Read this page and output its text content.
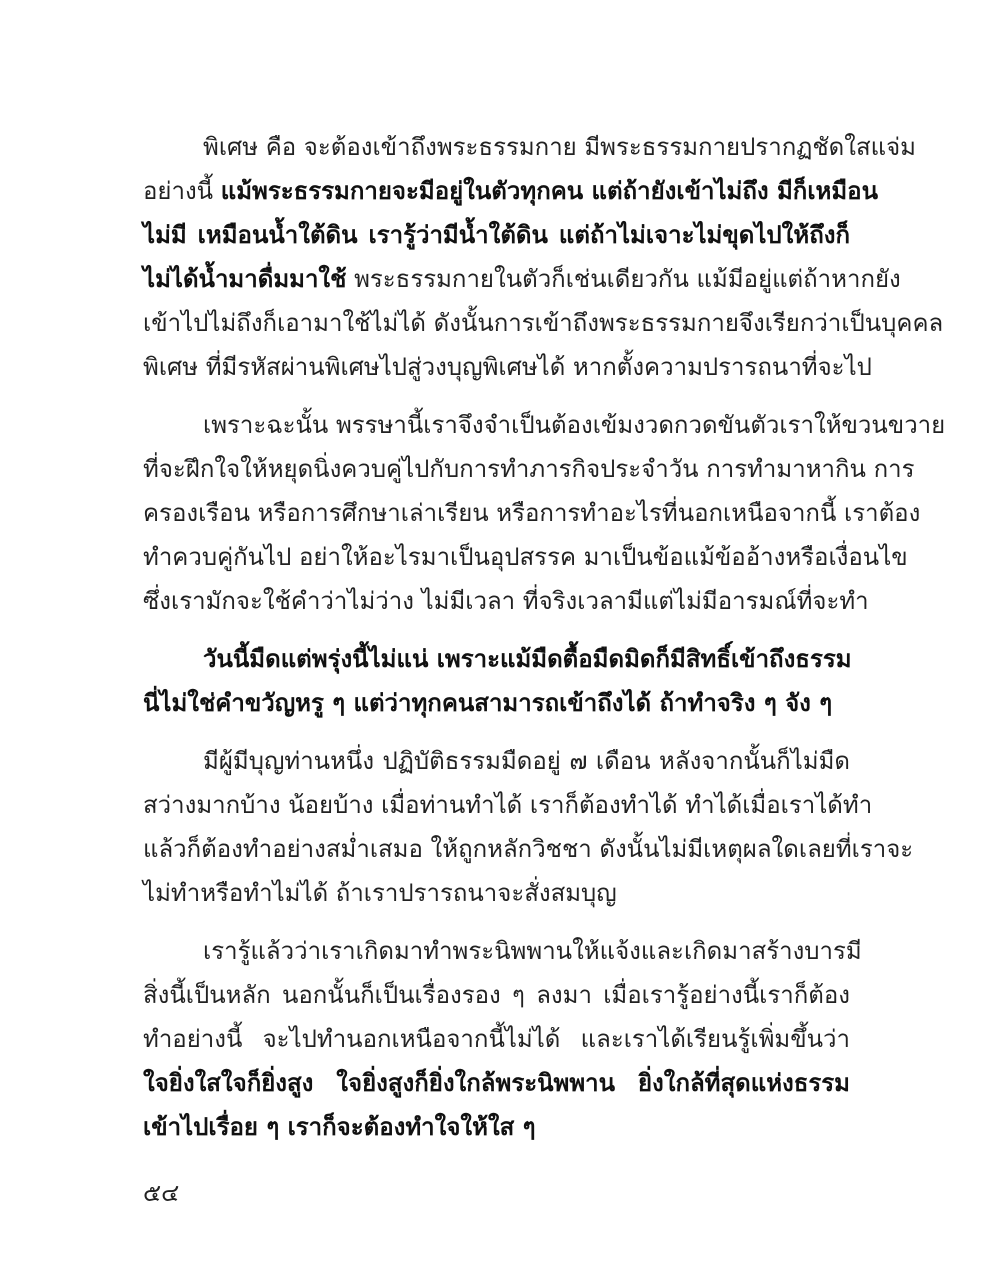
พิเศษ คือ จะต้องเข้าถึงพระธรรมกาย มีพระธรรมกายปรากฏชัดใสแจ่ม
อย่างนี้ แม้พระธรรมกายจะมีอยู่ในตัวทุกคน แต่ถ้ายังเข้าไม่ถึง มีก็เหมือน
ไม่มี เหมือนน้ำใต้ดิน เรารู้ว่ามีน้ำใต้ดิน แต่ถ้าไม่เจาะไม่ขุดไปให้ถึงก็
ไม่ได้น้ำมาดื่มมาใช้ พระธรรมกายในตัวก็เช่นเดียวกัน แม้มีอยู่แต่ถ้าหากยัง
เข้าไปไม่ถึงก็เอามาใช้ไม่ได้ ดังนั้นการเข้าถึงพระธรรมกายจึงเรียกว่าเป็นบุคคล
พิเศษ ที่มีรหัสผ่านพิเศษไปสู่วงบุญพิเศษได้ หากตั้งความปรารถนาที่จะไป
เพราะฉะนั้น พรรษานี้เราจึงจำเป็นต้องเข้มงวดกวดขันตัวเราให้ขวนขวาย
ที่จะฝึกใจให้หยุดนิ่งควบคู่ไปกับการทำภารกิจประจำวัน การทำมาหากิน การ
ครองเรือน หรือการศึกษาเล่าเรียน หรือการทำอะไรที่นอกเหนือจากนี้ เราต้อง
ทำควบคู่กันไป อย่าให้อะไรมาเป็นอุปสรรค มาเป็นข้อแม้ข้ออ้างหรือเงื่อนไข
ซึ่งเรามักจะใช้คำว่าไม่ว่าง ไม่มีเวลา ที่จริงเวลามีแต่ไม่มีอารมณ์ที่จะทำ
วันนี้มืดแต่พรุ่งนี้ไม่แน่ เพราะแม้มืดตื้อมืดมิดก็มีสิทธิ์เข้าถึงธรรม
นี่ไม่ใช่คำขวัญหรู ๆ แต่ว่าทุกคนสามารถเข้าถึงได้ ถ้าทำจริง ๆ จัง ๆ
มีผู้มีบุญท่านหนึ่ง ปฏิบัติธรรมมืดอยู่ ๗ เดือน หลังจากนั้นก็ไม่มืด
สว่างมากบ้าง น้อยบ้าง เมื่อท่านทำได้ เราก็ต้องทำได้ ทำได้เมื่อเราได้ทำ
แล้วก็ต้องทำอย่างสม่ำเสมอ ให้ถูกหลักวิชชา ดังนั้นไม่มีเหตุผลใดเลยที่เราจะ
ไม่ทำหรือทำไม่ได้ ถ้าเราปรารถนาจะสั่งสมบุญ
เรารู้แล้วว่าเราเกิดมาทำพระนิพพานให้แจ้งและเกิดมาสร้างบารมี
สิ่งนี้เป็นหลัก นอกนั้นก็เป็นเรื่องรอง ๆ ลงมา เมื่อเรารู้อย่างนี้เราก็ต้อง
ทำอย่างนี้ จะไปทำนอกเหนือจากนี้ไม่ได้ และเราได้เรียนรู้เพิ่มขึ้นว่า
ใจยิ่งใสใจก็ยิ่งสูง ใจยิ่งสูงก็ยิ่งใกล้พระนิพพาน ยิ่งใกล้ที่สุดแห่งธรรม
เข้าไปเรื่อย ๆ เราก็จะต้องทำใจให้ใส ๆ
๕๔
